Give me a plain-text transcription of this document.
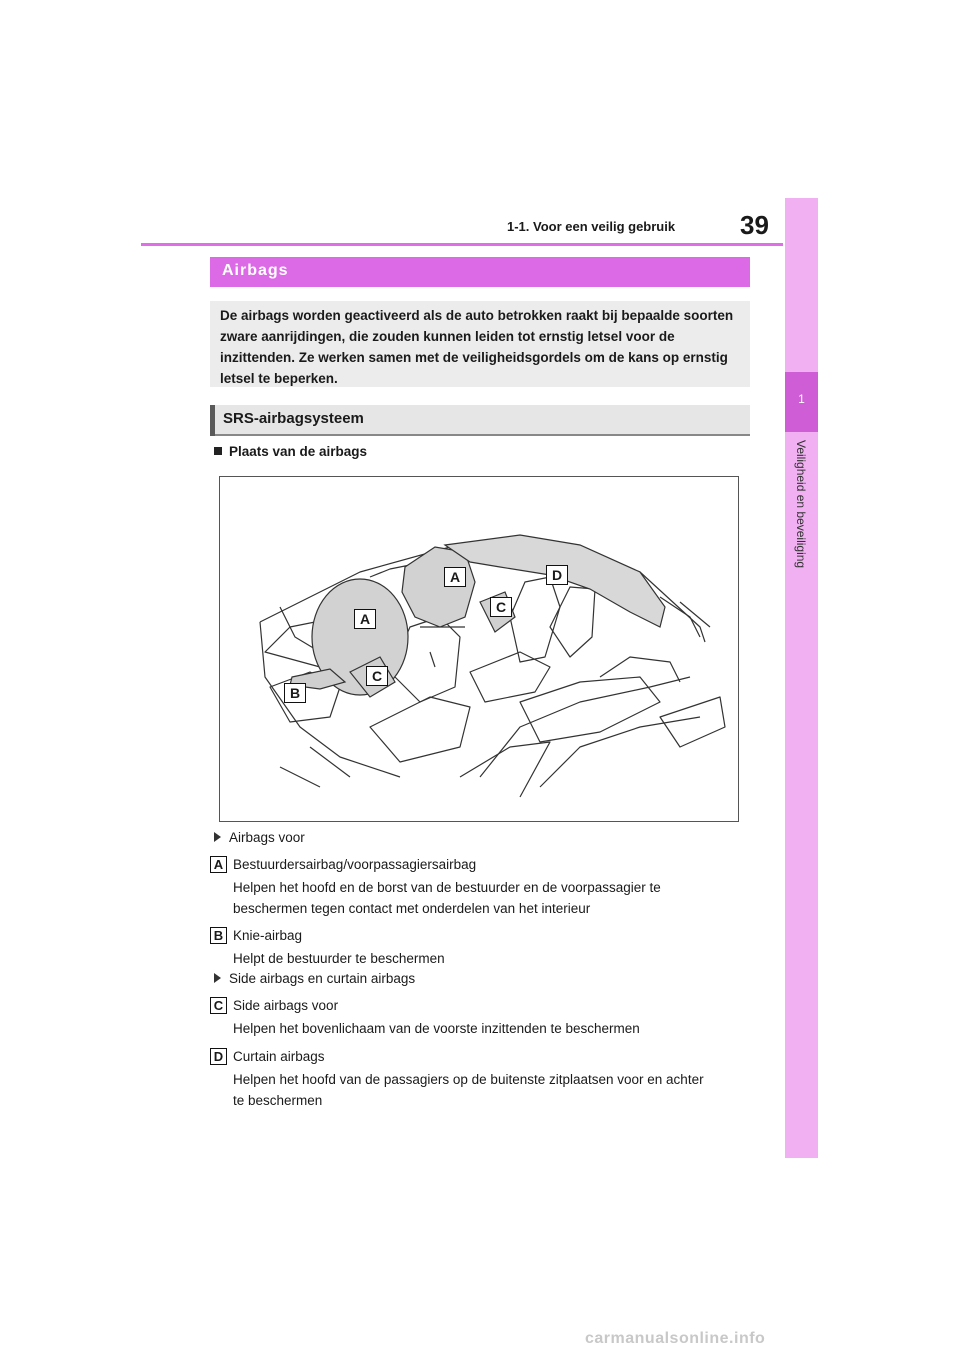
1-1. Voor een veilig gebruik 39
1
Veiligheid en beveiliging
Airbags
De airbags worden geactiveerd als de auto betrokken raakt bij bepaalde soorten zware aanrijdingen, die zouden kunnen leiden tot ernstig letsel voor de inzittenden. Ze werken samen met de veiligheidsgordels om de kans op ernstig letsel te beperken.
SRS-airbagsysteem
Plaats van de airbags
A
A
B
C
C
D
Airbags voor
A Bestuurdersairbag/voorpassagiersairbag
Helpen het hoofd en de borst van de bestuurder en de voorpassagier te
beschermen tegen contact met onderdelen van het interieur
B Knie-airbag
Helpt de bestuurder te beschermen
Side airbags en curtain airbags
C Side airbags voor
Helpen het bovenlichaam van de voorste inzittenden te beschermen
D Curtain airbags
Helpen het hoofd van de passagiers op de buitenste zitplaatsen voor en achter
te beschermen
carmanualsonline.info
